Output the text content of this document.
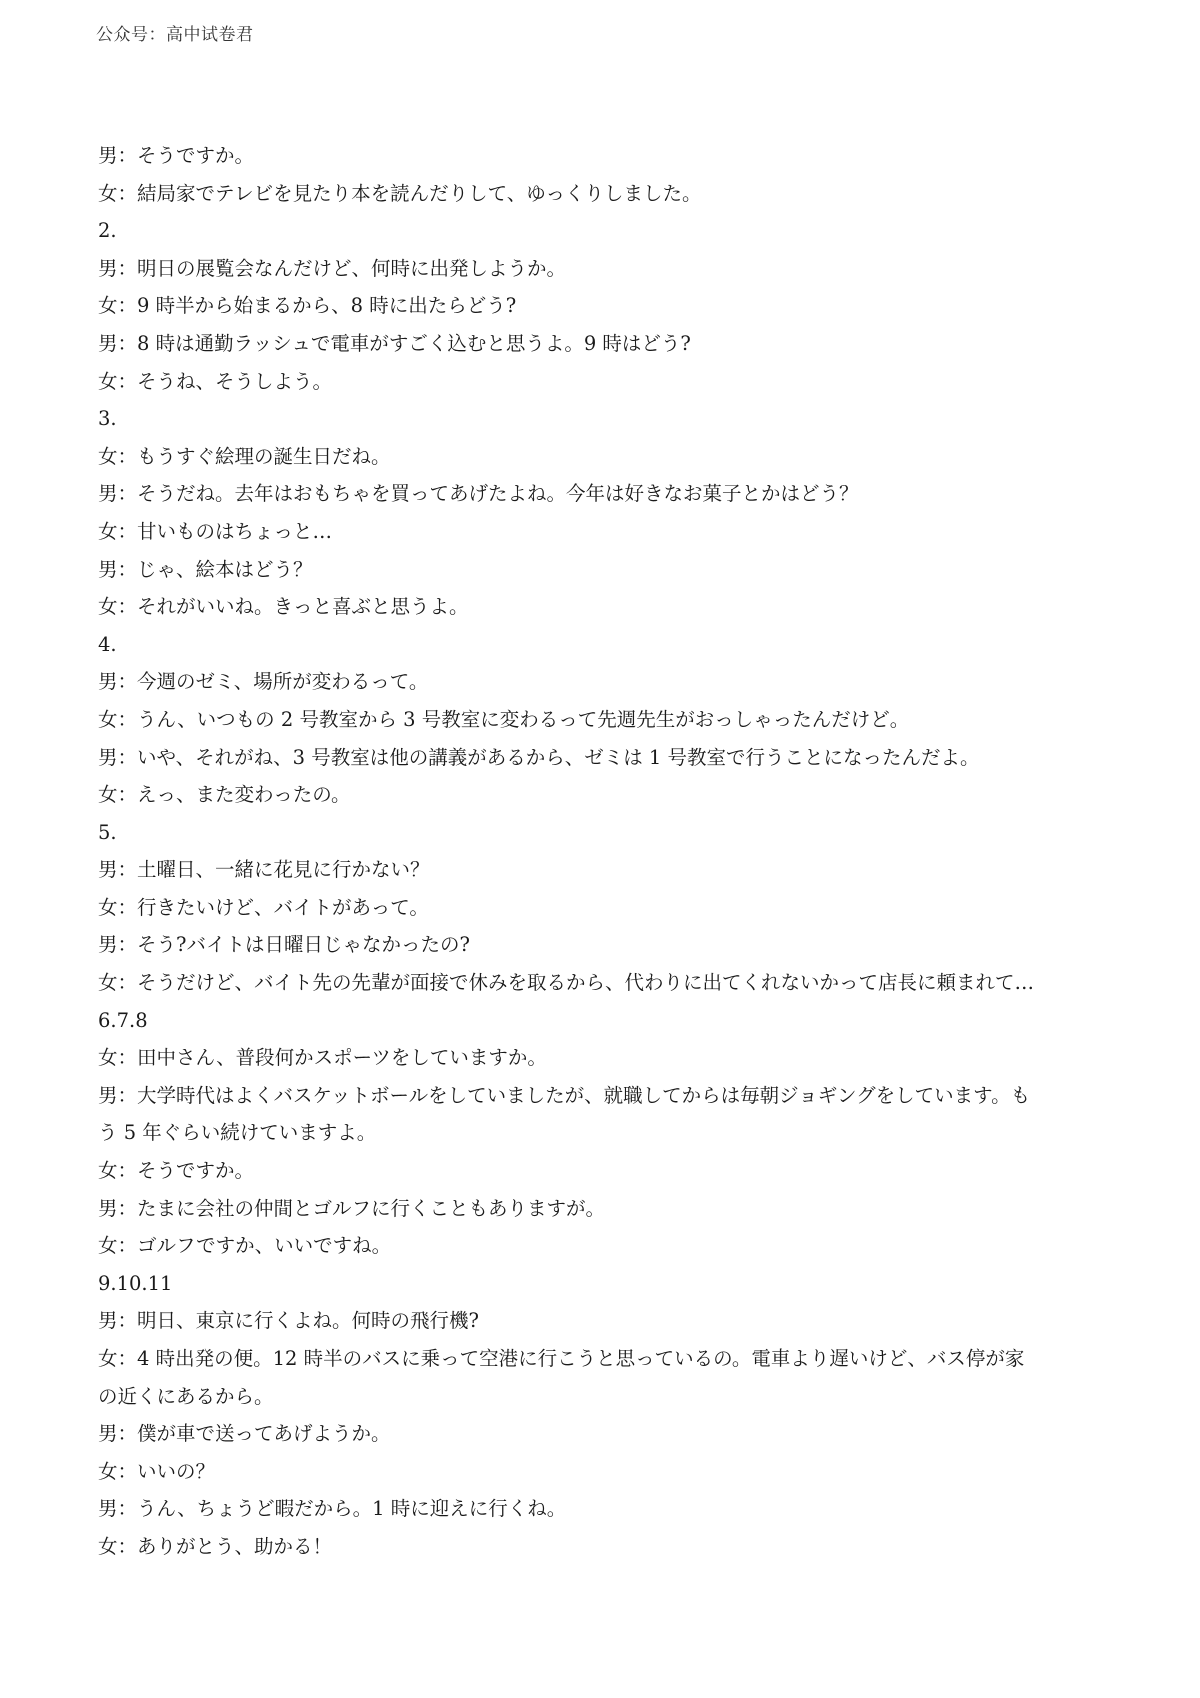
公众号：高中试卷君
男：そうですか。
女：結局家でテレビを見たり本を読んだりして、ゆっくりしました。
2.
男：明日の展覧会なんだけど、何時に出発しようか。
女：9 時半から始まるから、8 時に出たらどう?
男：8 時は通勤ラッシュで電車がすごく込むと思うよ。9 時はどう?
女：そうね、そうしよう。
3.
女：もうすぐ絵理の誕生日だね。
男：そうだね。去年はおもちゃを買ってあげたよね。今年は好きなお菓子とかはどう？
女：甘いものはちょっと…
男：じゃ、絵本はどう？
女：それがいいね。きっと喜ぶと思うよ。
4.
男：今週のゼミ、場所が変わるって。
女：うん、いつもの 2 号教室から 3 号教室に変わるって先週先生がおっしゃったんだけど。
男：いや、それがね、3 号教室は他の講義があるから、ゼミは 1 号教室で行うことになったんだよ。
女：えっ、また変わったの。
5.
男：土曜日、一緒に花見に行かない？
女：行きたいけど、バイトがあって。
男：そう?バイトは日曜日じゃなかったの?
女：そうだけど、バイト先の先輩が面接で休みを取るから、代わりに出てくれないかって店長に頼まれて…
6.7.8
女：田中さん、普段何かスポーツをしていますか。
男：大学時代はよくバスケットボールをしていましたが、就職してからは毎朝ジョギングをしています。も
う 5 年ぐらい続けていますよ。
女：そうですか。
男：たまに会社の仲間とゴルフに行くこともありますが。
女：ゴルフですか、いいですね。
9.10.11
男：明日、東京に行くよね。何時の飛行機?
女：4 時出発の便。12 時半のバスに乗って空港に行こうと思っているの。電車より遅いけど、バス停が家
の近くにあるから。
男：僕が車で送ってあげようか。
女：いいの？
男：うん、ちょうど暇だから。1 時に迎えに行くね。
女：ありがとう、助かる！
